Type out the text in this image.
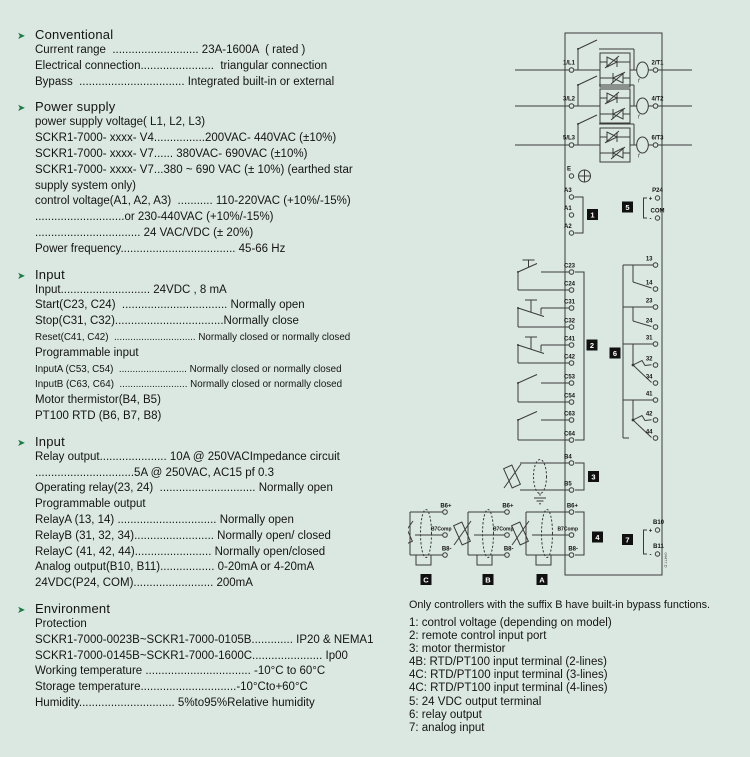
➤ Conventional
Current range  ........................... 23A-1600A  ( rated )
Electrical connection.......................  triangular connection
Bypass  ................................. Integrated built-in or external
➤ Power supply
power supply voltage( L1, L2, L3)
SCKR1-7000- xxxx- V4................200VAC- 440VAC (±10%)
SCKR1-7000- xxxx- V7...... 380VAC- 690VAC (±10%)
SCKR1-7000- xxxx- V7...380 ~ 690 VAC (± 10%) (earthed star
supply system only)
control voltage(A1, A2, A3)  ........... 110-220VAC (+10%/-15%)
............................or 230-440VAC (+10%/-15%)
................................. 24 VAC/VDC (± 20%)
Power frequency.................................... 45-66 Hz
➤ Input
Input............................ 24VDC , 8 mA
Start(C23, C24)  ................................. Normally open
Stop(C31, C32)..................................Normally close
Reset(C41, C42)  .............................. Normally closed or normally closed
Programmable input
InputA (C53, C54)  ......................... Normally closed or normally closed
InputB (C63, C64)  ......................... Normally closed or normally closed
Motor thermistor(B4, B5)
PT100 RTD (B6, B7, B8)
➤ Input
Relay output..................... 10A @ 250VACImpedance circuit
...............................5A @ 250VAC, AC15 pf 0.3
Operating relay(23, 24)  .............................. Normally open
Programmable output
RelayA (13, 14) ............................... Normally open
RelayB (31, 32, 34)......................... Normally open/ closed
RelayC (41, 42, 44)........................ Normally open/closed
Analog output(B10, B11)................. 0-20mA or 4-20mA
24VDC(P24, COM)......................... 200mA
➤ Environment
Protection
SCKR1-7000-0023B~SCKR1-7000-0105B............. IP20 & NEMA1
SCKR1-7000-0145B~SCKR1-7000-1600C...................... Ip00
Working temperature ................................. -10°C to 60°C
Storage temperature..............................-10°Cto+60°C
Humidity.............................. 5%to95%Relative humidity
1/L1	2/T1
f
3/L2	4/T2
f
5/L3	6/T3
f
E
A3
A1
A2
1
P24
+
COM
-
5
C23
C24
C31
C32
C41
C42
C53
C54
C63
C64
2
13
14
23
24
31
32
34
41
42
44
6
B4
B5
3
B6+
B7Comp
B8-
4
B6+
B7Comp
B8-
B6+
B7Comp
B8-
A
B
C
B10
+
B11
-
7
04477.D
Only controllers with the suffix B have built-in bypass functions.
1: control voltage (depending on model)
2: remote control input port
3: motor thermistor
4B: RTD/PT100 input terminal (2-lines)
4C: RTD/PT100 input terminal (3-lines)
4C: RTD/PT100 input terminal (4-lines)
5: 24 VDC output terminal
6: relay output
7: analog input
